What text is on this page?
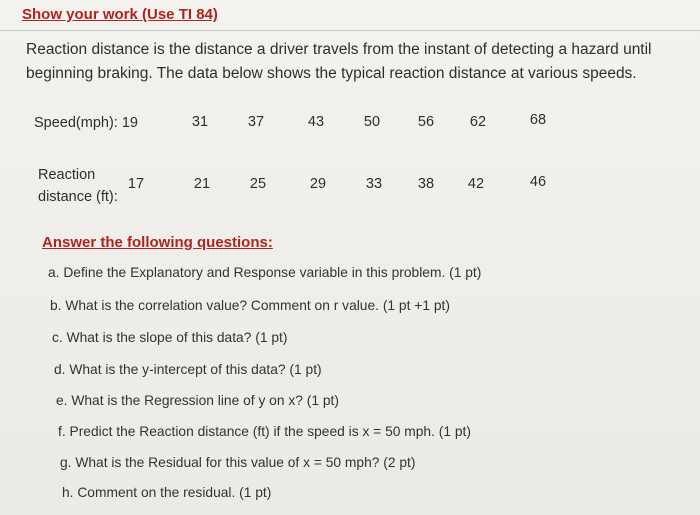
Show your work (Use TI 84)
Reaction distance is the distance a driver travels from the instant of detecting a hazard until beginning braking. The data below shows the typical reaction distance at various speeds.
Speed(mph): 19	31	37	43	50	56	62	68
Reaction
distance (ft):
17	21	25	29	33	38	42	46
Answer the following questions:
a. Define the Explanatory and Response variable in this problem. (1 pt)
b. What is the correlation value? Comment on r value. (1 pt +1 pt)
c. What is the slope of this data? (1 pt)
d. What is the y-intercept of this data? (1 pt)
e. What is the Regression line of y on x? (1 pt)
f. Predict the Reaction distance (ft) if the speed is x = 50 mph. (1 pt)
g. What is the Residual for this value of x = 50 mph? (2 pt)
h. Comment on the residual. (1 pt)
